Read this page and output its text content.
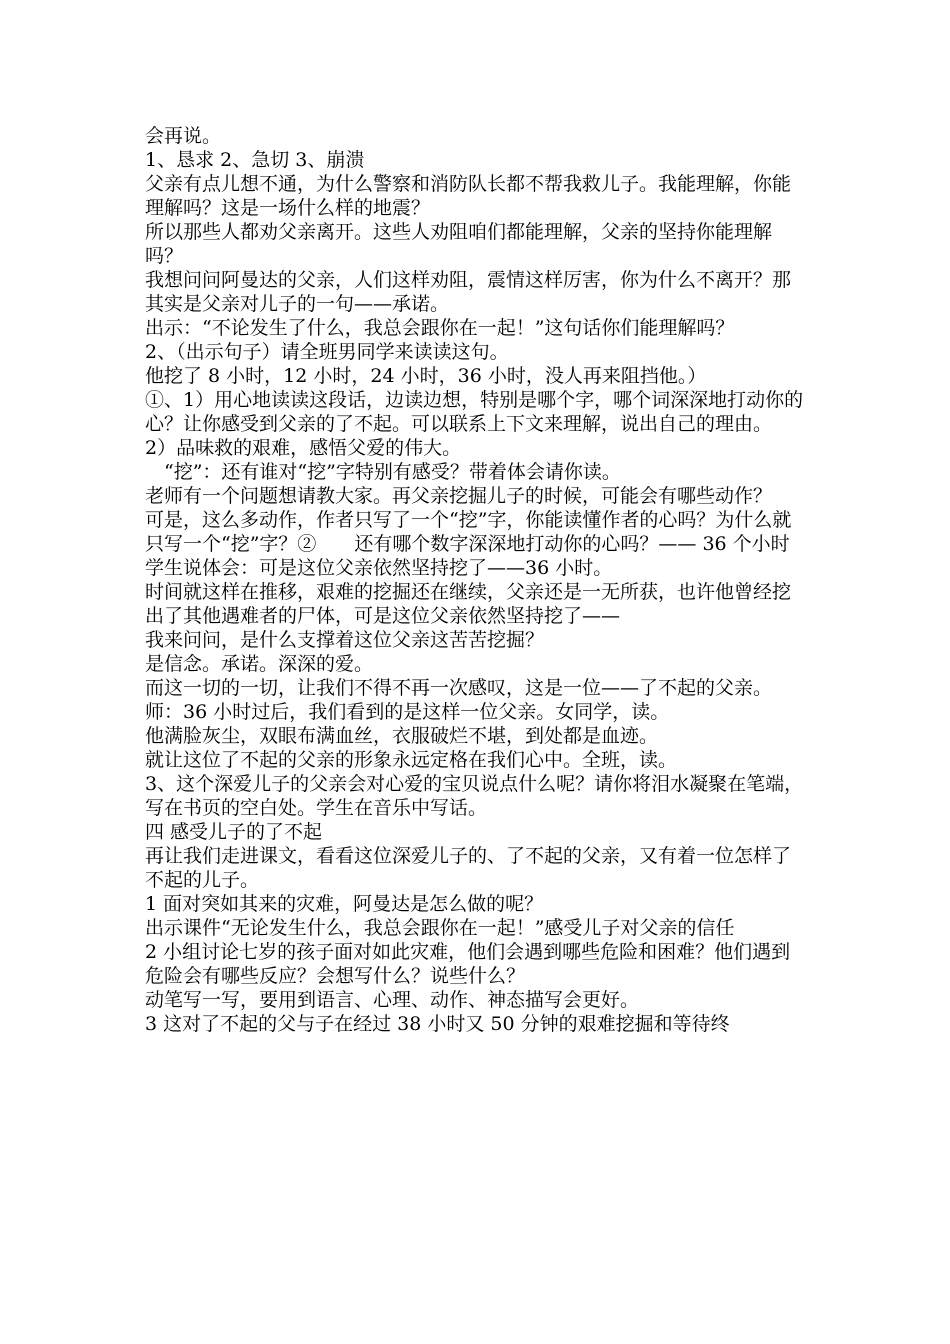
会再说。

1、恳求 2、急切 3、崩溃

父亲有点儿想不通，为什么警察和消防队长都不帮我救儿子。我能理解，你能理解吗？这是一场什么样的地震？

所以那些人都劝父亲离开。这些人劝阻咱们都能理解，父亲的坚持你能理解吗？

我想问问阿曼达的父亲，人们这样劝阻，震情这样厉害，你为什么不离开？那其实是父亲对儿子的一句——承诺。

出示：“不论发生了什么，我总会跟你在一起！”这句话你们能理解吗？

2、（出示句子）请全班男同学来读读这句。

他挖了 8 小时，12 小时，24 小时，36 小时，没人再来阻挡他。）

①、1）用心地读读这段话，边读边想，特别是哪个字，哪个词深深地打动你的心？让你感受到父亲的了不起。可以联系上下文来理解，说出自己的理由。

2）品味救的艰难，感悟父爱的伟大。

“挖”：还有谁对“挖”字特别有感受？带着体会请你读。

老师有一个问题想请教大家。再父亲挖掘儿子的时候，可能会有哪些动作？

可是，这么多动作，作者只写了一个“挖”字，你能读懂作者的心吗？为什么就只写一个“挖”字？②　　还有哪个数字深深地打动你的心吗？—— 36 个小时

学生说体会：可是这位父亲依然坚持挖了——36 小时。

时间就这样在推移，艰难的挖掘还在继续，父亲还是一无所获，也许他曾经挖出了其他遇难者的尸体，可是这位父亲依然坚持挖了——

我来问问，是什么支撑着这位父亲这苦苦挖掘？

是信念。承诺。深深的爱。

而这一切的一切，让我们不得不再一次感叹，这是一位——了不起的父亲。

师：36 小时过后，我们看到的是这样一位父亲。女同学，读。

他满脸灰尘，双眼布满血丝，衣服破烂不堪，到处都是血迹。

就让这位了不起的父亲的形象永远定格在我们心中。全班，读。

3、这个深爱儿子的父亲会对心爱的宝贝说点什么呢？请你将泪水凝聚在笔端，写在书页的空白处。学生在音乐中写话。

四 感受儿子的了不起

再让我们走进课文，看看这位深爱儿子的、了不起的父亲，又有着一位怎样了不起的儿子。

1 面对突如其来的灾难，阿曼达是怎么做的呢？

出示课件“无论发生什么，我总会跟你在一起！”感受儿子对父亲的信任

2 小组讨论七岁的孩子面对如此灾难，他们会遇到哪些危险和困难？他们遇到危险会有哪些反应？会想写什么？说些什么？

动笔写一写，要用到语言、心理、动作、神态描写会更好。

3 这对了不起的父与子在经过 38 小时又 50 分钟的艰难挖掘和等待终
